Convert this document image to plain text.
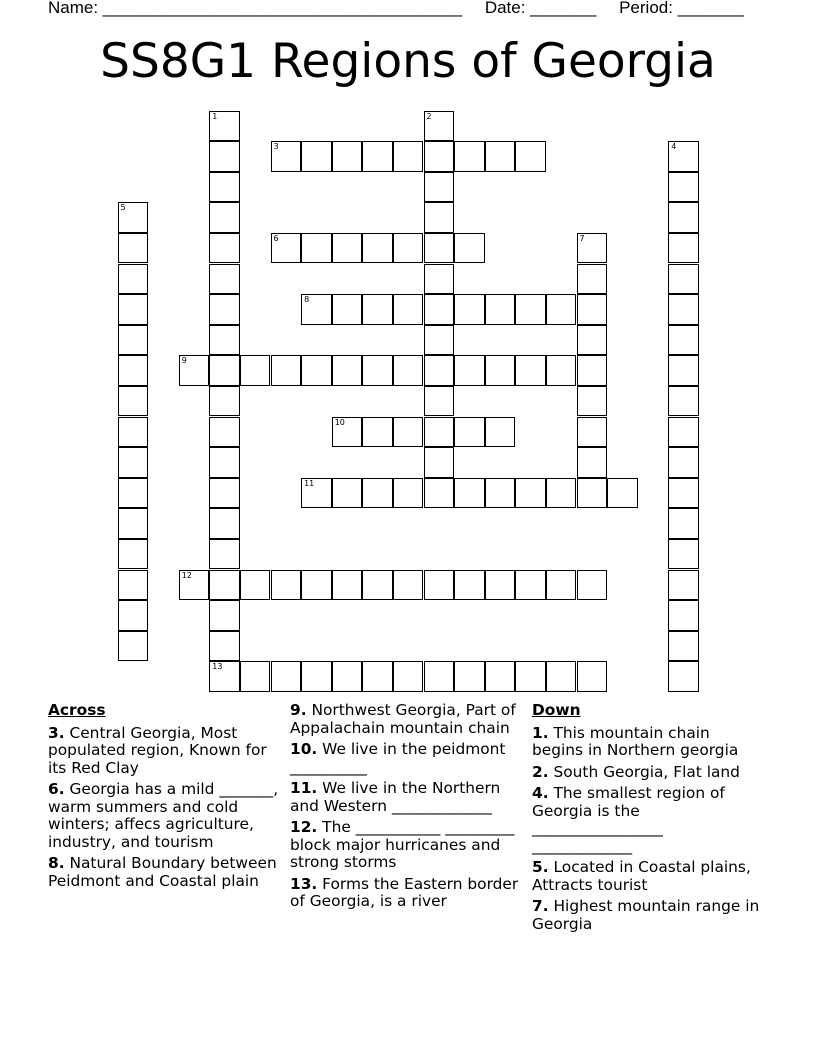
Name: ______________________________________ Date: _______ Period: _______
SS8G1 Regions of Georgia
1
13
2
3	4
5
6	7
8
9
10
11
12
Across
3. Central Georgia, Most populated region, Known for its Red Clay
6. Georgia has a mild _______, warm summers and cold winters; affecs agriculture, industry, and tourism
8. Natural Boundary between Peidmont and Coastal plain
9. Northwest Georgia, Part of Appalachain mountain chain
10. We live in the peidmont __________
11. We live in the Northern and Western _____________
12. The ___________ _________ block major hurricanes and strong storms
13. Forms the Eastern border of Georgia, is a river
Down
1. This mountain chain begins in Northern georgia
2. South Georgia, Flat land
4. The smallest region of Georgia is the _________________ _____________
5. Located in Coastal plains, Attracts tourist
7. Highest mountain range in Georgia
